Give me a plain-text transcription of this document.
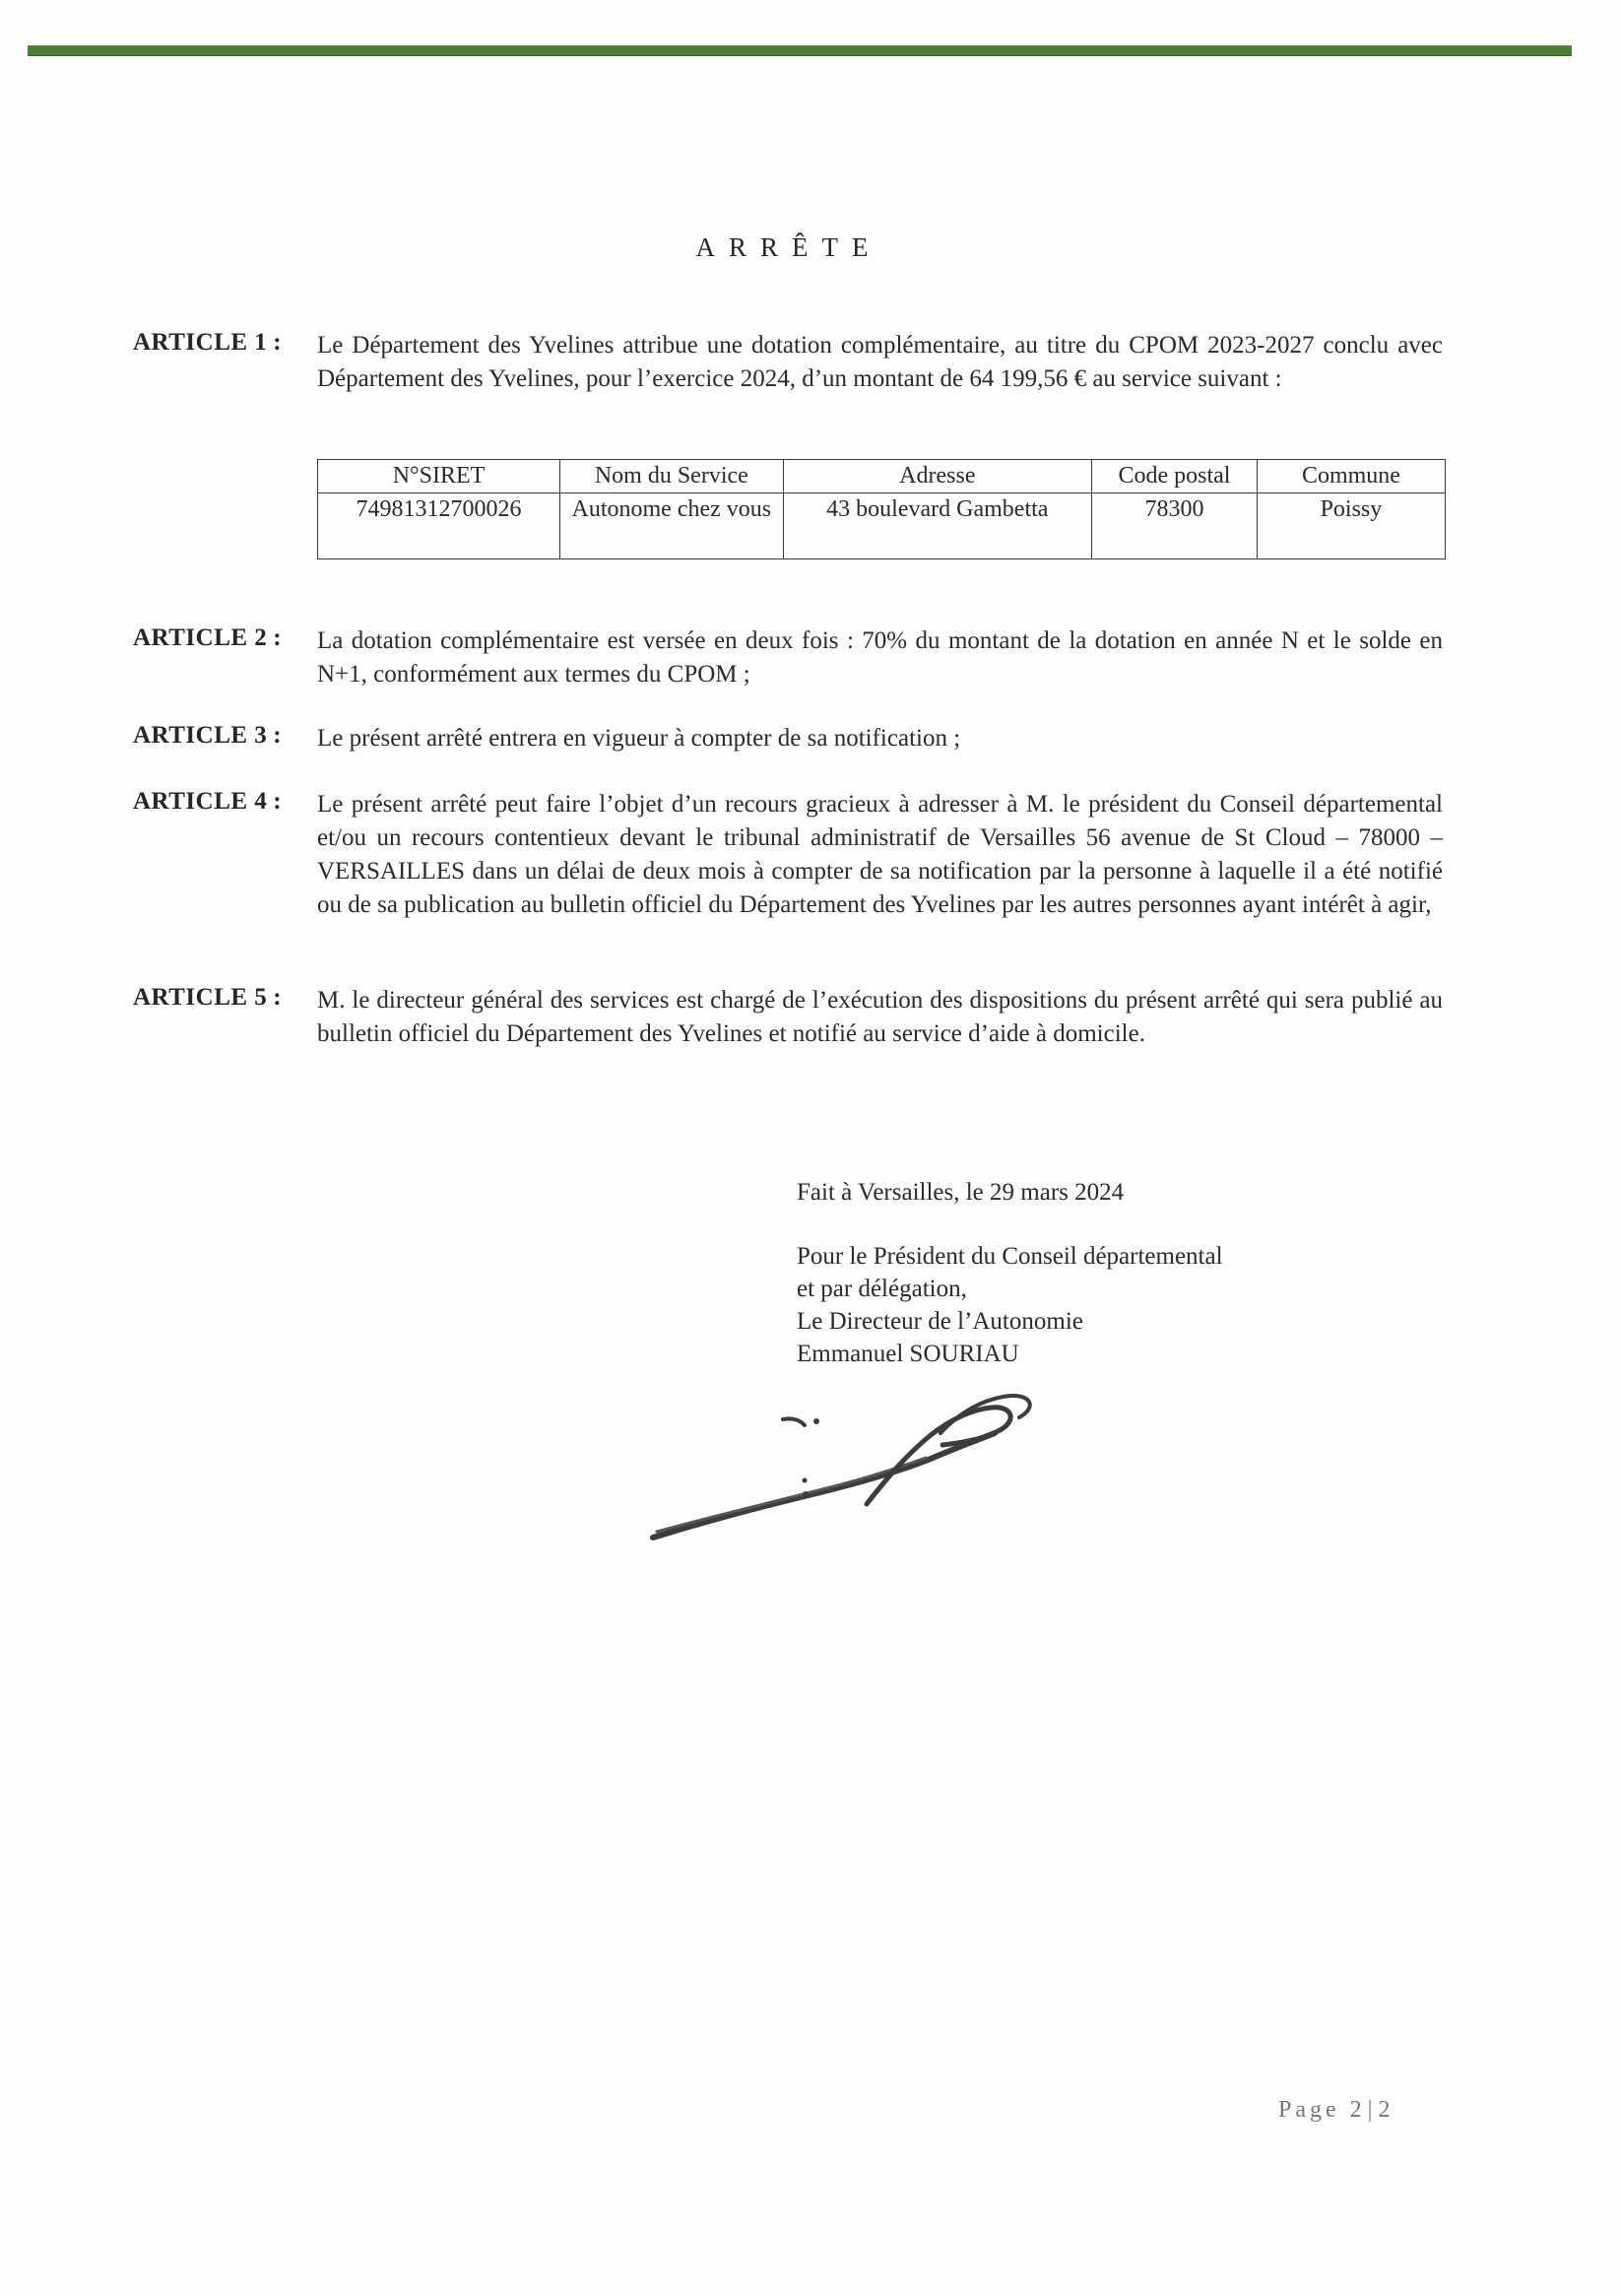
ARRÊTE
ARTICLE 1 :	Le Département des Yvelines attribue une dotation complémentaire, au titre du CPOM 2023-2027 conclu avec Département des Yvelines, pour l’exercice 2024, d’un montant de 64 199,56 € au service suivant :
N°SIRET	Nom du Service	Adresse	Code postal	Commune
74981312700026	Autonome chez vous	43 boulevard Gambetta	78300	Poissy
ARTICLE 2 :	La dotation complémentaire est versée en deux fois : 70% du montant de la dotation en année N et le solde en N+1, conformément aux termes du CPOM ;
ARTICLE 3 :	Le présent arrêté entrera en vigueur à compter de sa notification ;
ARTICLE 4 :	Le présent arrêté peut faire l’objet d’un recours gracieux à adresser à M. le président du Conseil départemental et/ou un recours contentieux devant le tribunal administratif de Versailles 56 avenue de St Cloud – 78000 – VERSAILLES dans un délai de deux mois à compter de sa notification par la personne à laquelle il a été notifié ou de sa publication au bulletin officiel du Département des Yvelines par les autres personnes ayant intérêt à agir,
ARTICLE 5 :	M. le directeur général des services est chargé de l’exécution des dispositions du présent arrêté qui sera publié au bulletin officiel du Département des Yvelines et notifié au service d’aide à domicile.
Fait à Versailles, le 29 mars 2024
Pour le Président du Conseil départemental
et par délégation,
Le Directeur de l’Autonomie
Emmanuel SOURIAU
Page 2|2
